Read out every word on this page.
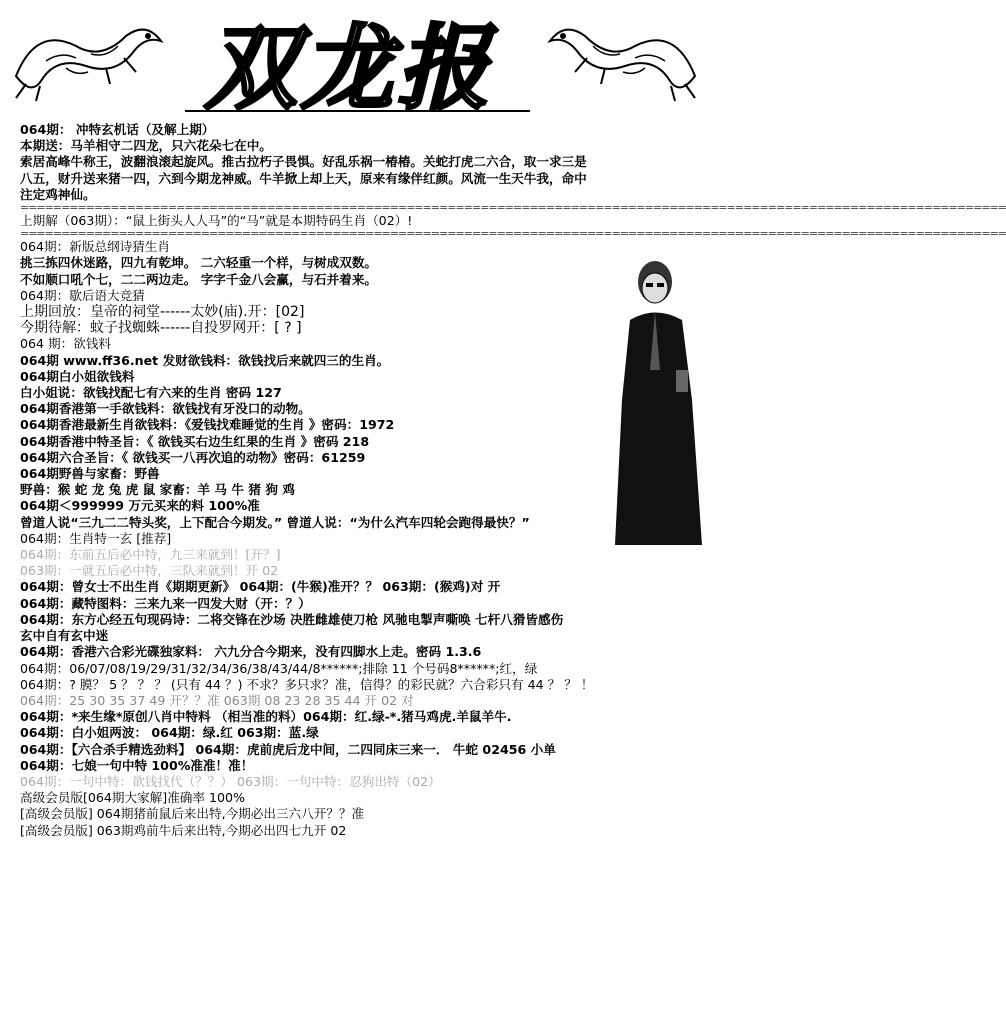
双龙报
064期： 冲特玄机话（及解上期）
本期送：马羊相守二四龙，只六花朵七在中。
索居高峰牛称王，波翻浪滚起旋风。推古拉朽子畏惧。好乱乐祸一椿椿。关蛇打虎二六合，取一求三是
八五，财升送来猪一四，六到今期龙神威。牛羊掀上却上天，原来有缘伴红颜。风流一生天牛我，命中
注定鸡神仙。
========================================================================================================================
上期解（063期）：“鼠上街头人人马”的“马”就是本期特码生肖（02）!
========================================================================================================================
064期：新版总纲诗猜生肖
挑三拣四休迷路，四九有乾坤。 二六轻重一个样，与树成双数。
不如顺口吼个七，二二两边走。 字字千金八会赢，与石并着来。
064期：歇后语大竞猜
上期回放：皇帝的祠堂------太妙(庙).开：[02]
今期待解：蚊子找蜘蛛------自投罗网开：[ ? ]
064 期：欲钱料
064期 www.ff36.net 发财欲钱料：欲钱找后来就四三的生肖。
064期白小姐欲钱料
白小姐说：欲钱找配七有六来的生肖 密码 127
064期香港第一手欲钱料：欲钱找有牙没口的动物。
064期香港最新生肖欲钱料：《爱钱找难睡觉的生肖 》密码：1972
064期香港中特圣旨：《 欲钱买右边生红果的生肖 》密码 218
064期六合圣旨：《 欲钱买一八再次追的动物》密码：61259
064期野兽与家畜：野兽
野兽：猴 蛇 龙 兔 虎 鼠 家畜：羊 马 牛 猪 狗 鸡
064期＜999999 万元买来的料 100%准
曾道人说“三九二二特头奖，上下配合今期发。” 曾道人说：“为什么汽车四轮会跑得最快？”
064期：生肖特一玄 [推荐]
064期：东前五后必中特，九三来就到！[开？]
063期：一就五后必中特，三队来就到！开 02
064期：曾女士不出生肖《期期更新》 064期：(牛猴)准开？？ 063期：(猴鸡)对 开
064期：藏特图料：三来九来一四发大财（开：？）
064期：东方心经五句现码诗：二将交锋在沙场 决胜雌雄使刀枪 风驰电掣声嘶唤 七杆八猾皆感伤
玄中自有玄中迷
064期：香港六合彩光碟独家料： 六九分合今期来，没有四脚水上走。密码 1.3.6
064期：06/07/08/19/29/31/32/34/36/38/43/44/8******;排除 11 个号码8******;红，绿
064期：? 膜？ 5 ？ ？ ？ (只有 44 ？) 不求？多只求？准，信得？的彩民就？六合彩只有 44 ？ ？ ！
064期：25 30 35 37 49 开？？准 063期 08 23 28 35 44 开 02 对
064期：*来生缘*原创八肖中特料 （相当准的料）064期：红.绿-*.猪马鸡虎.羊鼠羊牛.
064期：白小姐两波： 064期：绿.红 063期：蓝.绿
064期：【六合杀手精选劲料】 064期：虎前虎后龙中间，二四同床三来一． 牛蛇 02456 小单
064期：七娘一句中特 100%准准！准！
064期：一句中特：欲钱找代（？？） 063期：一句中特：忍狗出特（02）
高级会员版[064期大家解]准确率 100%
[高级会员版] 064期猪前鼠后来出特,今期必出三六八开？？准
[高级会员版] 063期鸡前牛后来出特,今期必出四七九开 02
